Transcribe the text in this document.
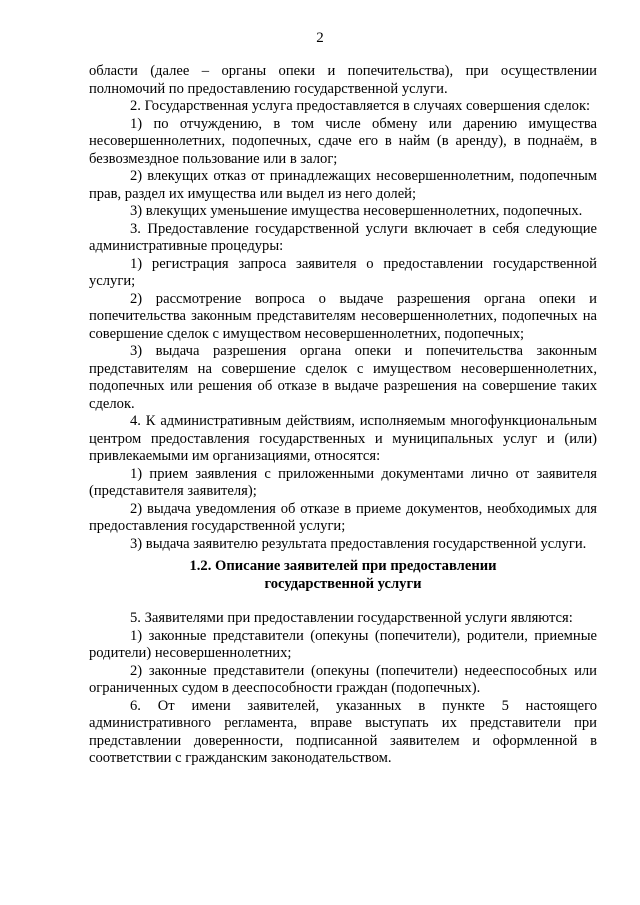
2

области (далее – органы опеки и попечительства), при осуществлении полномочий по предоставлению государственной услуги.

2. Государственная услуга предоставляется в случаях совершения сделок:

1) по отчуждению, в том числе обмену или дарению имущества несовершеннолетних, подопечных, сдаче его в найм (в аренду), в поднаём, в безвозмездное пользование или в залог;

2) влекущих отказ от принадлежащих несовершеннолетним, подопечным прав, раздел их имущества или выдел из него долей;

3) влекущих уменьшение имущества несовершеннолетних, подопечных.

3. Предоставление государственной услуги включает в себя следующие административные процедуры:

1) регистрация запроса заявителя о предоставлении государственной услуги;

2) рассмотрение вопроса о выдаче разрешения органа опеки и попечительства законным представителям несовершеннолетних, подопечных на совершение сделок с имуществом несовершеннолетних, подопечных;

3) выдача разрешения органа опеки и попечительства законным представителям на совершение сделок с имуществом несовершеннолетних, подопечных или решения об отказе в выдаче разрешения на совершение таких сделок.

4. К административным действиям, исполняемым многофункциональным центром предоставления государственных и муниципальных услуг и (или) привлекаемыми им организациями, относятся:

1) прием заявления с приложенными документами лично от заявителя (представителя заявителя);

2) выдача уведомления об отказе в приеме документов, необходимых для предоставления государственной услуги;

3) выдача заявителю результата предоставления государственной услуги.

1.2. Описание заявителей при предоставлении

государственной услуги

5. Заявителями при предоставлении государственной услуги являются:

1) законные представители (опекуны (попечители), родители, приемные родители) несовершеннолетних;

2) законные представители (опекуны (попечители) недееспособных или ограниченных судом в дееспособности граждан (подопечных).

6. От имени заявителей, указанных в пункте 5 настоящего административного регламента, вправе выступать их представители при представлении доверенности, подписанной заявителем и оформленной в соответствии с гражданским законодательством.
